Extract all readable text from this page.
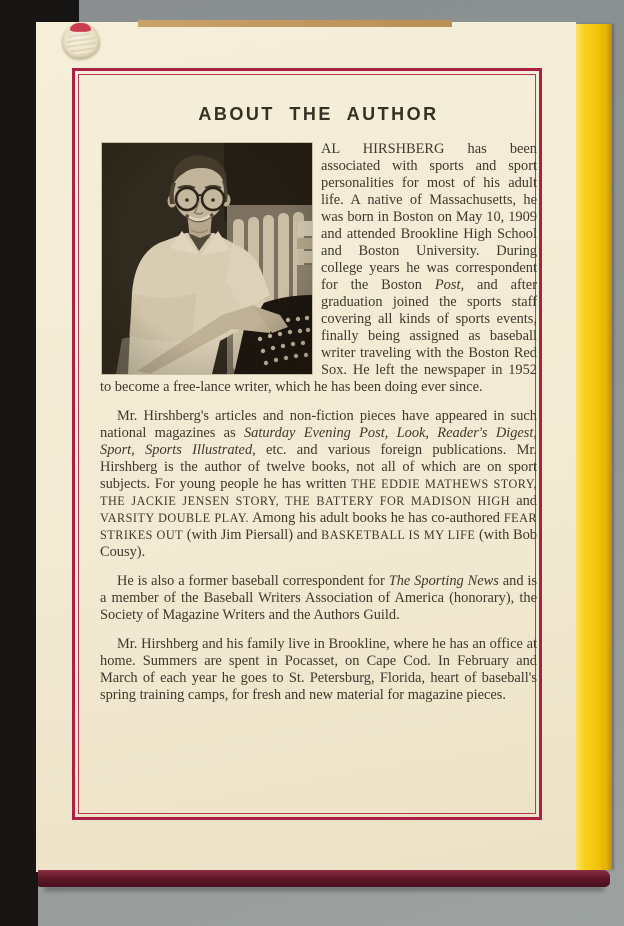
ABOUT THE AUTHOR

AL HIRSHBERG has been associated with sports and sport personalities for most of his adult life. A native of Massachusetts, he was born in Boston on May 10, 1909 and attended Brookline High School and Boston University. During college years he was correspondent for the Boston Post, and after graduation joined the sports staff covering all kinds of sports events, finally being assigned as baseball writer traveling with the Boston Red Sox. He left the newspaper in 1952 to become a free-lance writer, which he has been doing ever since.

Mr. Hirshberg's articles and non-fiction pieces have appeared in such national magazines as Saturday Evening Post, Look, Reader's Digest, Sport, Sports Illustrated, etc. and various foreign publications. Mr. Hirshberg is the author of twelve books, not all of which are on sport subjects. For young people he has written THE EDDIE MATHEWS STORY, THE JACKIE JENSEN STORY, THE BATTERY FOR MADISON HIGH and VARSITY DOUBLE PLAY. Among his adult books he has co-authored FEAR STRIKES OUT (with Jim Piersall) and BASKETBALL IS MY LIFE (with Bob Cousy).

He is also a former baseball correspondent for The Sporting News and is a member of the Baseball Writers Association of America (honorary), the Society of Magazine Writers and the Authors Guild.

Mr. Hirshberg and his family live in Brookline, where he has an office at home. Summers are spent in Pocasset, on Cape Cod. In February and March of each year he goes to St. Petersburg, Florida, heart of baseball's spring training camps, for fresh and new material for magazine pieces.
